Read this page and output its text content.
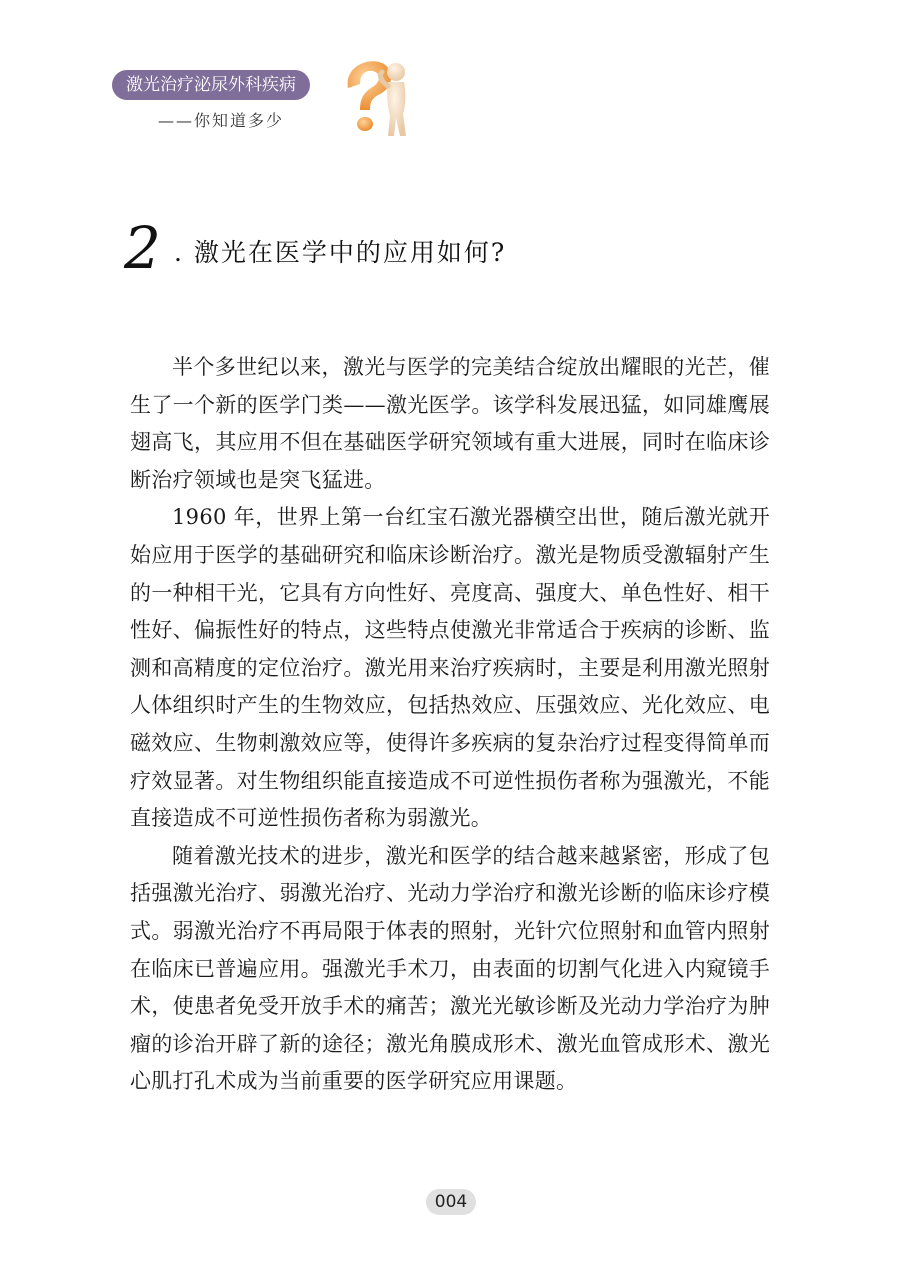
激光治疗泌尿外科疾病
——你知道多少
2 . 激光在医学中的应用如何?

半个多世纪以来，激光与医学的完美结合绽放出耀眼的光芒，催生了一个新的医学门类——激光医学。该学科发展迅猛，如同雄鹰展翅高飞，其应用不但在基础医学研究领域有重大进展，同时在临床诊断治疗领域也是突飞猛进。

1960 年，世界上第一台红宝石激光器横空出世，随后激光就开始应用于医学的基础研究和临床诊断治疗。激光是物质受激辐射产生的一种相干光，它具有方向性好、亮度高、强度大、单色性好、相干性好、偏振性好的特点，这些特点使激光非常适合于疾病的诊断、监测和高精度的定位治疗。激光用来治疗疾病时，主要是利用激光照射人体组织时产生的生物效应，包括热效应、压强效应、光化效应、电磁效应、生物刺激效应等，使得许多疾病的复杂治疗过程变得简单而疗效显著。对生物组织能直接造成不可逆性损伤者称为强激光，不能直接造成不可逆性损伤者称为弱激光。

随着激光技术的进步，激光和医学的结合越来越紧密，形成了包括强激光治疗、弱激光治疗、光动力学治疗和激光诊断的临床诊疗模式。弱激光治疗不再局限于体表的照射，光针穴位照射和血管内照射在临床已普遍应用。强激光手术刀，由表面的切割气化进入内窥镜手术，使患者免受开放手术的痛苦；激光光敏诊断及光动力学治疗为肿瘤的诊治开辟了新的途径；激光角膜成形术、激光血管成形术、激光心肌打孔术成为当前重要的医学研究应用课题。

004
